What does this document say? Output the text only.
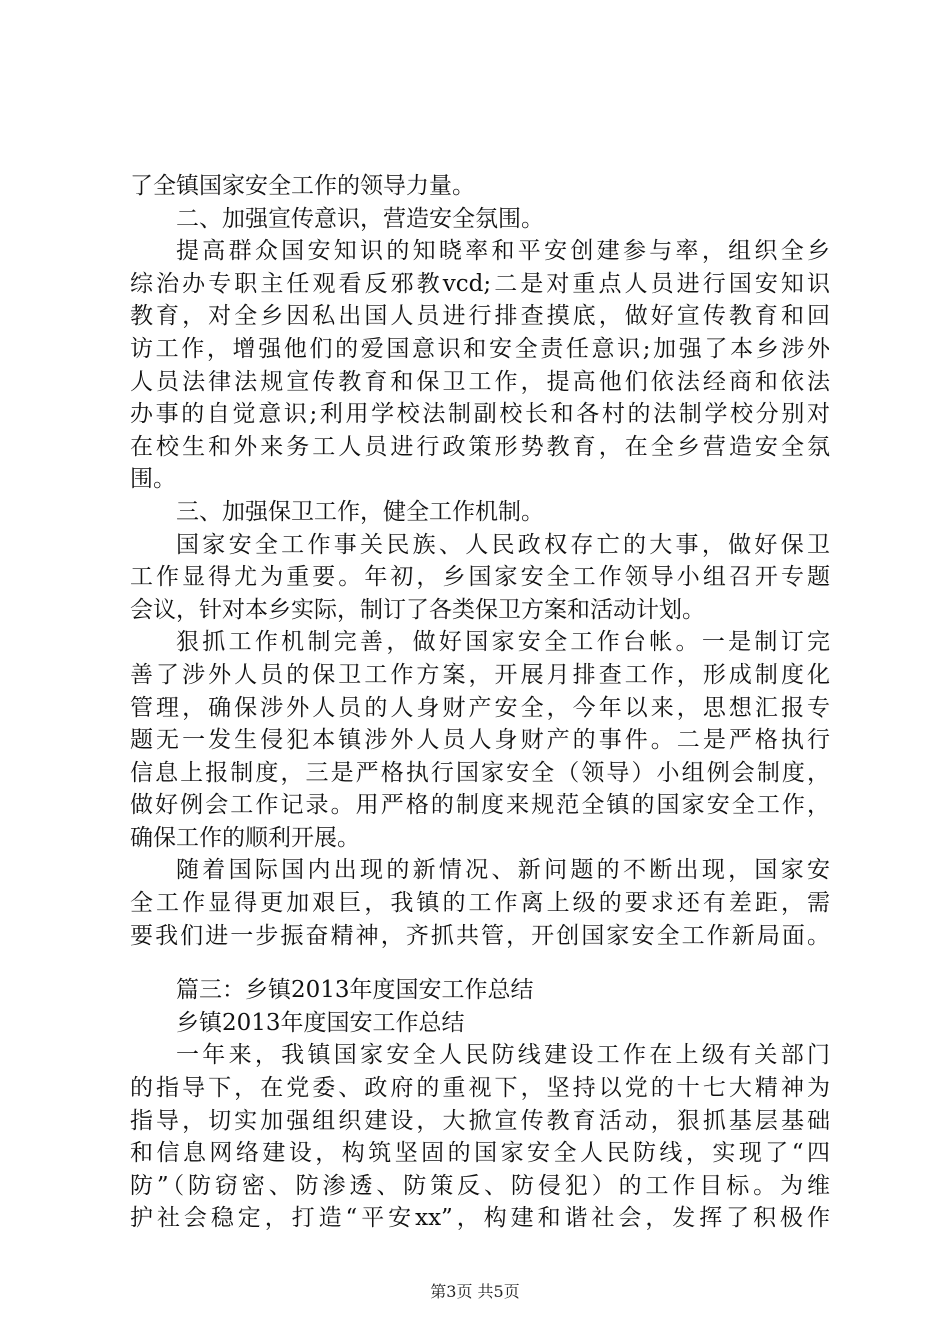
了全镇国家安全工作的领导力量。
二、加强宣传意识，营造安全氛围。
提高群众国安知识的知晓率和平安创建参与率，组织全乡
综治办专职主任观看反邪教vcd;二是对重点人员进行国安知识
教育，对全乡因私出国人员进行排查摸底，做好宣传教育和回
访工作，增强他们的爱国意识和安全责任意识;加强了本乡涉外
人员法律法规宣传教育和保卫工作，提高他们依法经商和依法
办事的自觉意识;利用学校法制副校长和各村的法制学校分别对
在校生和外来务工人员进行政策形势教育，在全乡营造安全氛
围。
三、加强保卫工作，健全工作机制。
国家安全工作事关民族、人民政权存亡的大事，做好保卫
工作显得尤为重要。年初，乡国家安全工作领导小组召开专题
会议，针对本乡实际，制订了各类保卫方案和活动计划。
狠抓工作机制完善，做好国家安全工作台帐。一是制订完
善了涉外人员的保卫工作方案，开展月排查工作，形成制度化
管理，确保涉外人员的人身财产安全，今年以来，思想汇报专
题无一发生侵犯本镇涉外人员人身财产的事件。二是严格执行
信息上报制度，三是严格执行国家安全（领导）小组例会制度，
做好例会工作记录。用严格的制度来规范全镇的国家安全工作，
确保工作的顺利开展。
随着国际国内出现的新情况、新问题的不断出现，国家安
全工作显得更加艰巨，我镇的工作离上级的要求还有差距，需
要我们进一步振奋精神，齐抓共管，开创国家安全工作新局面。
篇三：乡镇2013年度国安工作总结
乡镇2013年度国安工作总结
一年来，我镇国家安全人民防线建设工作在上级有关部门
的指导下，在党委、政府的重视下，坚持以党的十七大精神为
指导，切实加强组织建设，大掀宣传教育活动，狠抓基层基础
和信息网络建设，构筑坚固的国家安全人民防线，实现了“四
防”（防窃密、防渗透、防策反、防侵犯）的工作目标。为维
护社会稳定，打造“平安xx”，构建和谐社会，发挥了积极作
第3页 共5页
